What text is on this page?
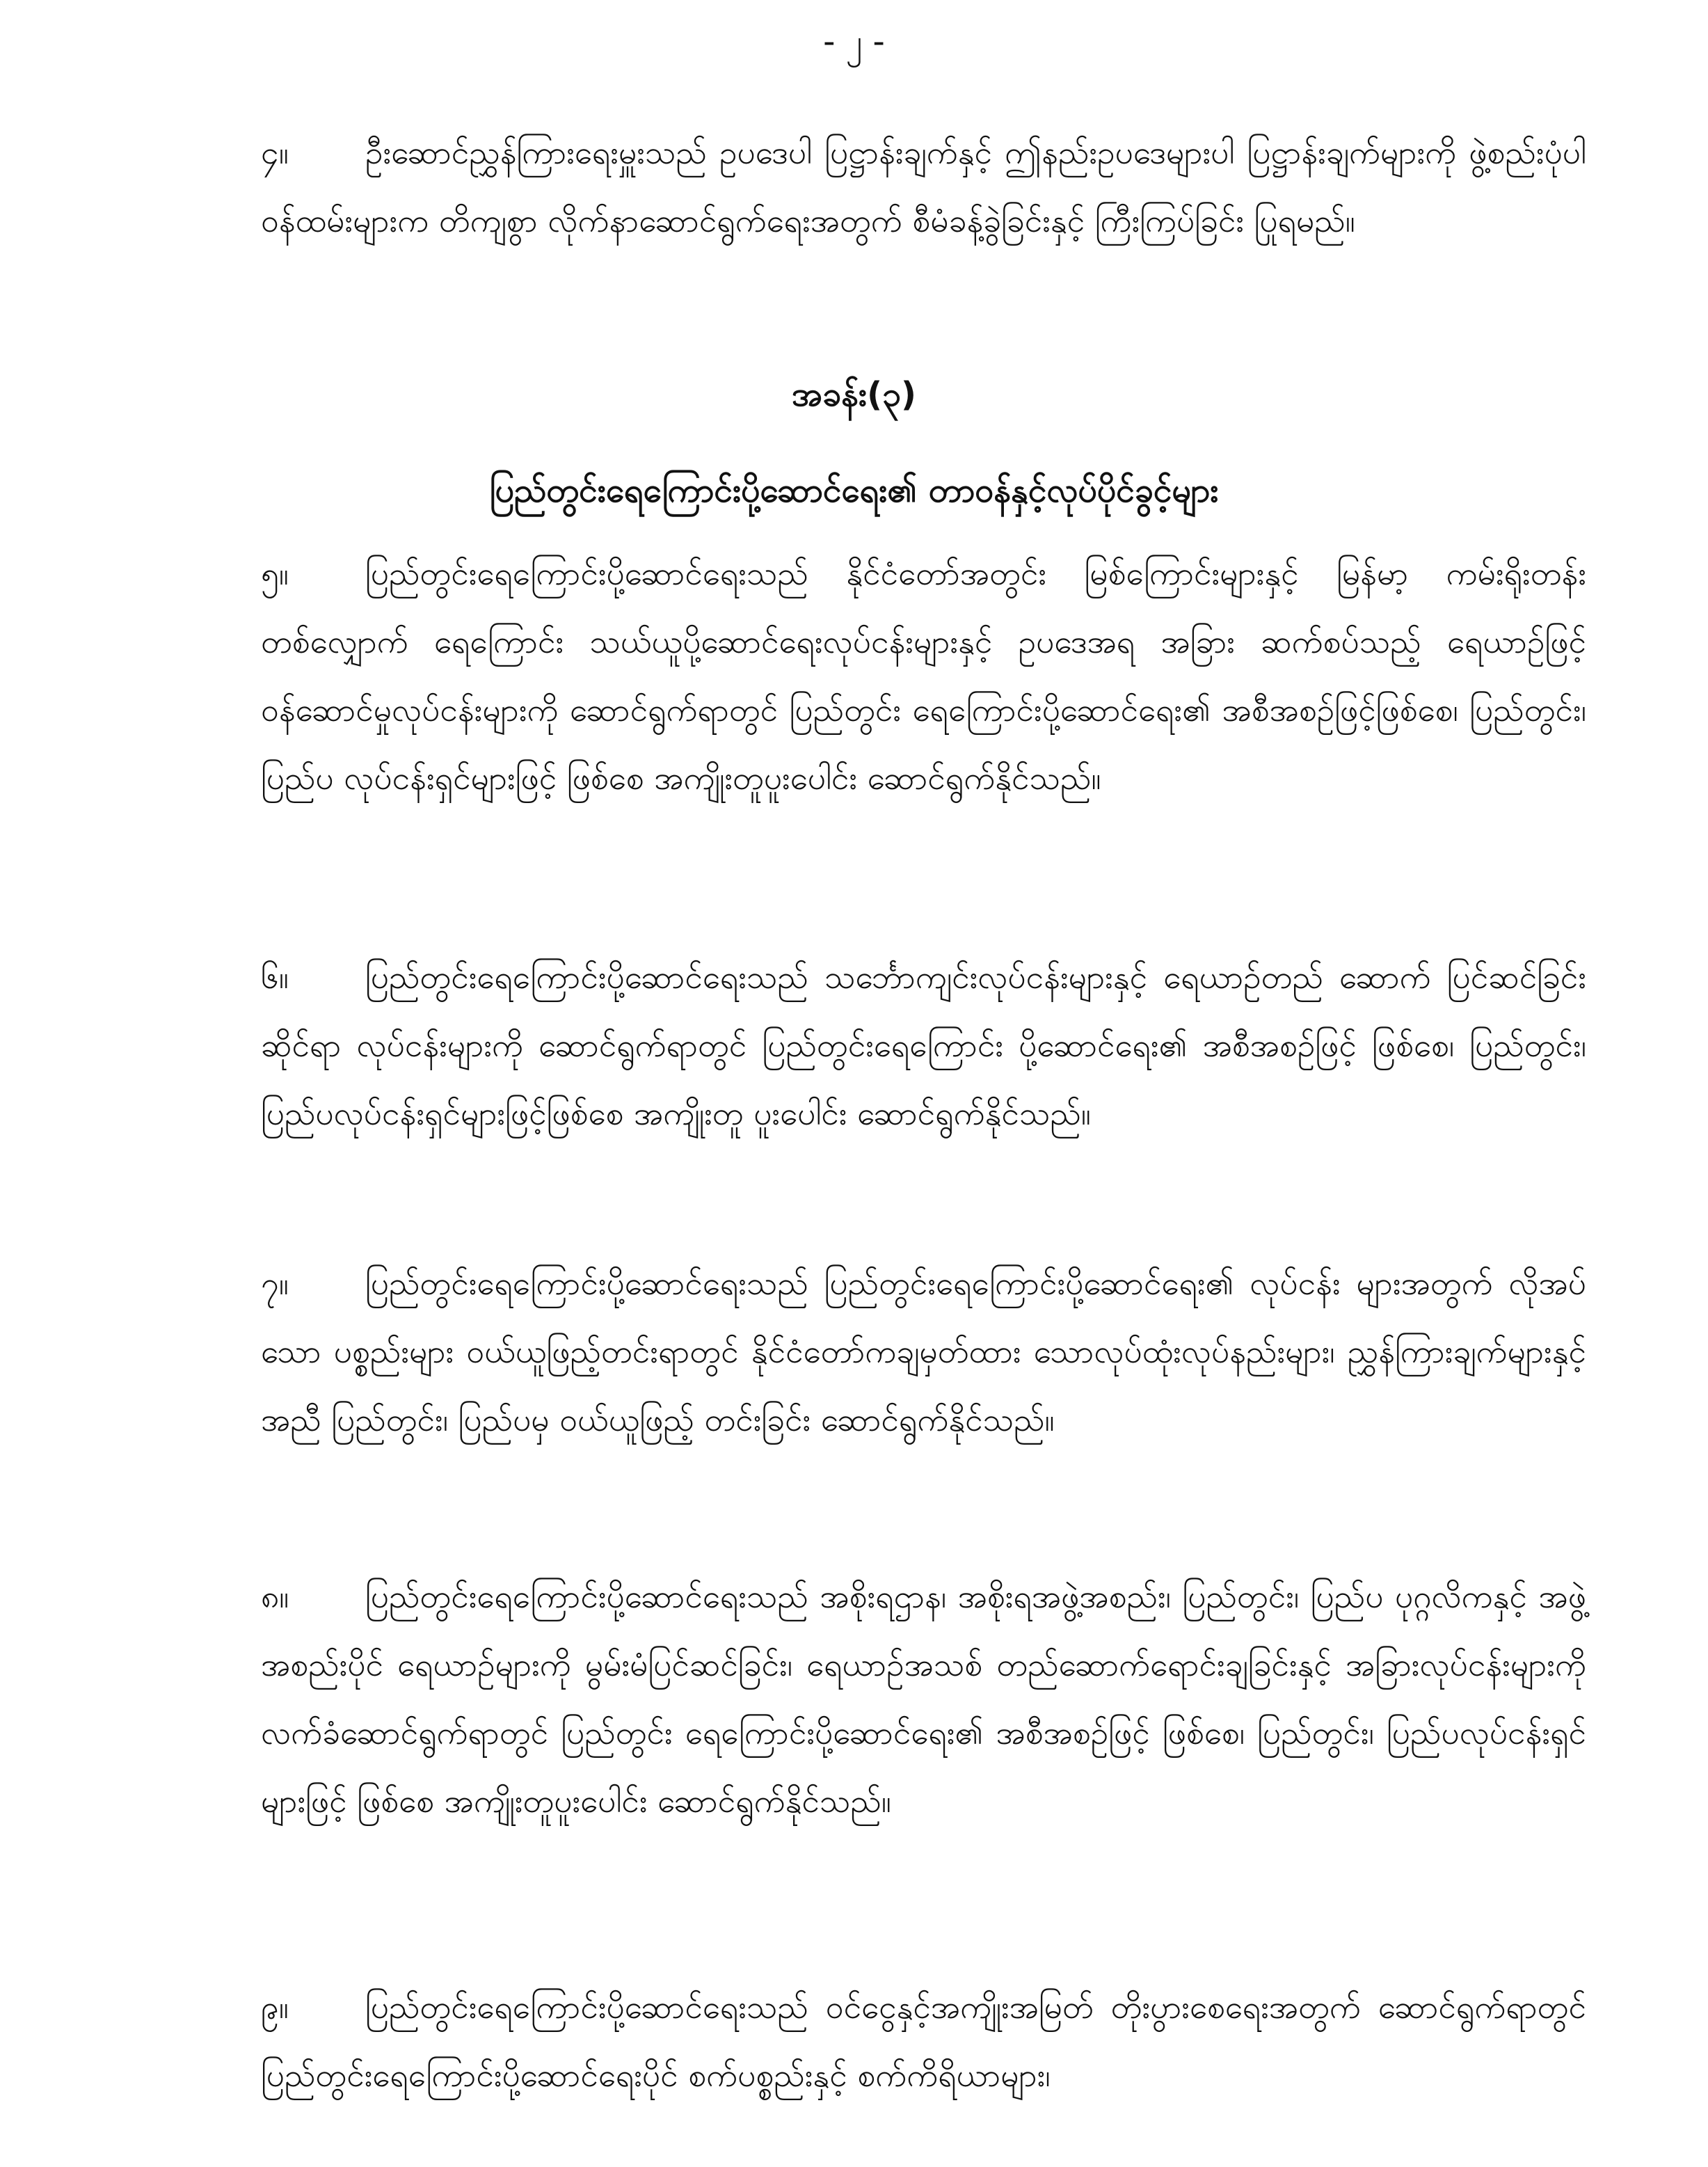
- ၂ -

၄။ ဦးဆောင်ညွှန်ကြားရေးမှူးသည် ဥပဒေပါ ပြဋ္ဌာန်းချက်နှင့် ဤနည်းဥပဒေများပါ ပြဋ္ဌာန်းချက်များကို ဖွဲ့စည်းပုံပါ ဝန်ထမ်းများက တိကျစွာ လိုက်နာဆောင်ရွက်ရေးအတွက် စီမံခန့်ခွဲခြင်းနှင့် ကြီးကြပ်ခြင်း ပြုရမည်။

အခန်း(၃)
ပြည်တွင်းရေကြောင်းပို့ဆောင်ရေး၏ တာဝန်နှင့်လုပ်ပိုင်ခွင့်များ

၅။ ပြည်တွင်းရေကြောင်းပို့ဆောင်ရေးသည် နိုင်ငံတော်အတွင်း မြစ်ကြောင်းများနှင့် မြန်မာ့ ကမ်းရိုးတန်းတစ်လျှောက် ရေကြောင်း သယ်ယူပို့ဆောင်ရေးလုပ်ငန်းများနှင့် ဥပဒေအရ အခြား ဆက်စပ်သည့် ရေယာဉ်ဖြင့် ဝန်ဆောင်မှုလုပ်ငန်းများကို ဆောင်ရွက်ရာတွင် ပြည်တွင်း ရေကြောင်းပို့ဆောင်ရေး၏ အစီအစဉ်ဖြင့်ဖြစ်စေ၊ ပြည်တွင်း၊ ပြည်ပ လုပ်ငန်းရှင်များဖြင့် ဖြစ်စေ အကျိုးတူပူးပေါင်း ဆောင်ရွက်နိုင်သည်။

၆။ ပြည်တွင်းရေကြောင်းပို့ဆောင်ရေးသည် သင်္ဘောကျင်းလုပ်ငန်းများနှင့် ရေယာဉ်တည် ဆောက် ပြင်ဆင်ခြင်းဆိုင်ရာ လုပ်ငန်းများကို ဆောင်ရွက်ရာတွင် ပြည်တွင်းရေကြောင်း ပို့ဆောင်ရေး၏ အစီအစဉ်ဖြင့် ဖြစ်စေ၊ ပြည်တွင်း၊ ပြည်ပလုပ်ငန်းရှင်များဖြင့်ဖြစ်စေ အကျိုးတူ ပူးပေါင်း ဆောင်ရွက်နိုင်သည်။

၇။ ပြည်တွင်းရေကြောင်းပို့ဆောင်ရေးသည် ပြည်တွင်းရေကြောင်းပို့ဆောင်ရေး၏ လုပ်ငန်း များအတွက် လိုအပ်သော ပစ္စည်းများ ဝယ်ယူဖြည့်တင်းရာတွင် နိုင်ငံတော်ကချမှတ်ထား သောလုပ်ထုံးလုပ်နည်းများ၊ ညွှန်ကြားချက်များနှင့်အညီ ပြည်တွင်း၊ ပြည်ပမှ ဝယ်ယူဖြည့် တင်းခြင်း ဆောင်ရွက်နိုင်သည်။

၈။ ပြည်တွင်းရေကြောင်းပို့ဆောင်ရေးသည် အစိုးရဌာန၊ အစိုးရအဖွဲ့အစည်း၊ ပြည်တွင်း၊ ပြည်ပ ပုဂ္ဂလိကနှင့် အဖွဲ့အစည်းပိုင် ရေယာဉ်များကို မွမ်းမံပြင်ဆင်ခြင်း၊ ရေယာဉ်အသစ် တည်ဆောက်ရောင်းချခြင်းနှင့် အခြားလုပ်ငန်းများကို လက်ခံဆောင်ရွက်ရာတွင် ပြည်တွင်း ရေကြောင်းပို့ဆောင်ရေး၏ အစီအစဉ်ဖြင့် ဖြစ်စေ၊ ပြည်တွင်း၊ ပြည်ပလုပ်ငန်းရှင်များဖြင့် ဖြစ်စေ အကျိုးတူပူးပေါင်း ဆောင်ရွက်နိုင်သည်။

၉။ ပြည်တွင်းရေကြောင်းပို့ဆောင်ရေးသည် ဝင်ငွေနှင့်အကျိုးအမြတ် တိုးပွားစေရေးအတွက် ဆောင်ရွက်ရာတွင် ပြည်တွင်းရေကြောင်းပို့ဆောင်ရေးပိုင် စက်ပစ္စည်းနှင့် စက်ကိရိယာများ၊
